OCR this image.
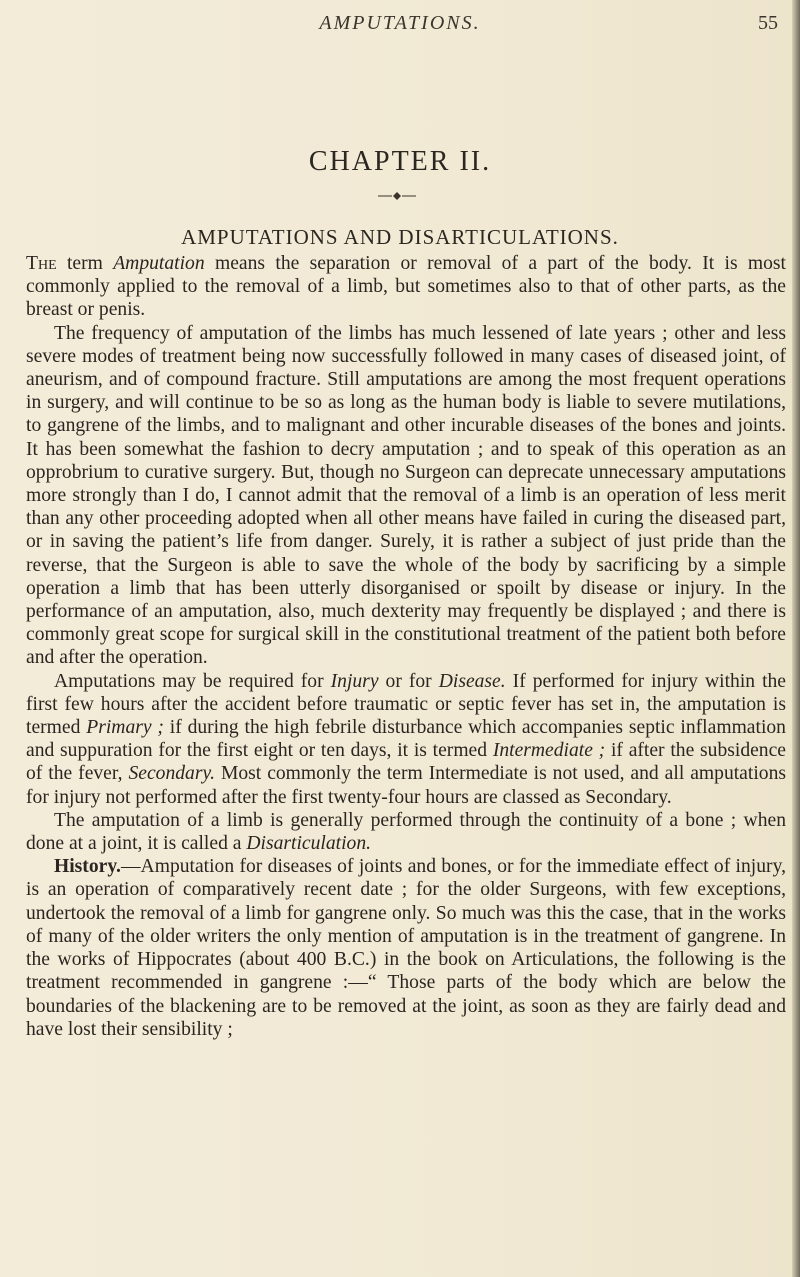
AMPUTATIONS.	55
CHAPTER II.
AMPUTATIONS AND DISARTICULATIONS.

The term Amputation means the separation or removal of a part of the body. It is most commonly applied to the removal of a limb, but sometimes also to that of other parts, as the breast or penis.

The frequency of amputation of the limbs has much lessened of late years ; other and less severe modes of treatment being now successfully followed in many cases of diseased joint, of aneurism, and of compound fracture. Still amputations are among the most frequent operations in surgery, and will continue to be so as long as the human body is liable to severe mutilations, to gangrene of the limbs, and to malignant and other incurable diseases of the bones and joints. It has been somewhat the fashion to decry amputation ; and to speak of this operation as an opprobrium to curative surgery. But, though no Surgeon can deprecate unnecessary amputations more strongly than I do, I cannot admit that the removal of a limb is an operation of less merit than any other proceeding adopted when all other means have failed in curing the diseased part, or in saving the patient’s life from danger. Surely, it is rather a subject of just pride than the reverse, that the Surgeon is able to save the whole of the body by sacrificing by a simple operation a limb that has been utterly disorganised or spoilt by disease or injury. In the performance of an amputation, also, much dexterity may frequently be displayed ; and there is commonly great scope for surgical skill in the constitutional treatment of the patient both before and after the operation.

Amputations may be required for Injury or for Disease. If performed for injury within the first few hours after the accident before traumatic or septic fever has set in, the amputation is termed Primary ; if during the high febrile disturbance which accompanies septic inflammation and suppuration for the first eight or ten days, it is termed Intermediate ; if after the subsidence of the fever, Secondary. Most commonly the term Intermediate is not used, and all amputations for injury not performed after the first twenty-four hours are classed as Secondary.

The amputation of a limb is generally performed through the continuity of a bone ; when done at a joint, it is called a Disarticulation.

History.—Amputation for diseases of joints and bones, or for the immediate effect of injury, is an operation of comparatively recent date ; for the older Surgeons, with few exceptions, undertook the removal of a limb for gangrene only. So much was this the case, that in the works of many of the older writers the only mention of amputation is in the treatment of gangrene. In the works of Hippocrates (about 400 B.C.) in the book on Articulations, the following is the treatment recommended in gangrene :—“ Those parts of the body which are below the boundaries of the blackening are to be removed at the joint, as soon as they are fairly dead and have lost their sensibility ;
